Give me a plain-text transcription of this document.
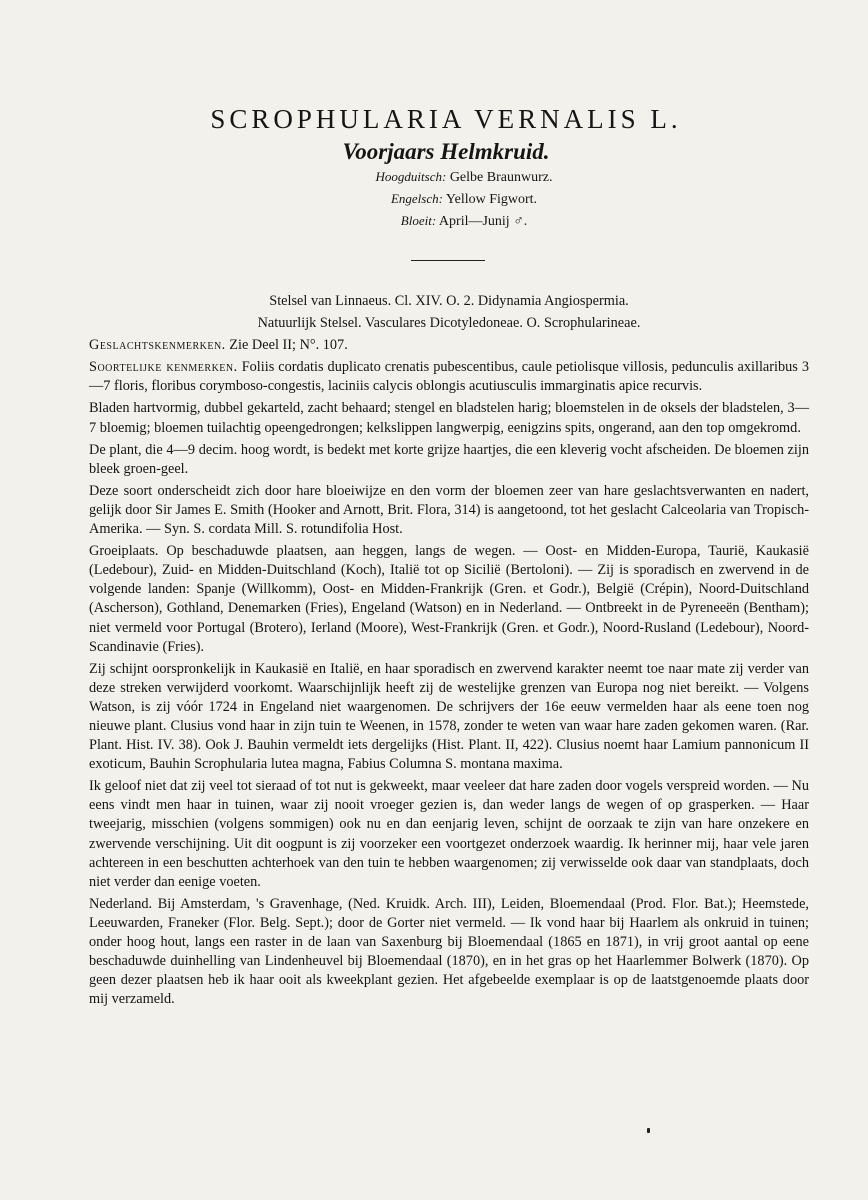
SCROPHULARIA VERNALIS L.
Voorjaars Helmkruid.
Hoogduitsch: Gelbe Braunwurz.
Engelsch: Yellow Figwort.
Bloeit: April—Junij ♂.

Stelsel van Linnaeus. Cl. XIV. O. 2. Didynamia Angiospermia.

Natuurlijk Stelsel. Vasculares Dicotyledoneae. O. Scrophularineae.

Geslachtskenmerken. Zie Deel II; N°. 107.

Soortelijke kenmerken. Foliis cordatis duplicato crenatis pubescentibus, caule petiolisque villosis, pedunculis axillaribus 3—7 floris, floribus corymboso-congestis, laciniis calycis oblongis acutiusculis immarginatis apice recurvis.

Bladen hartvormig, dubbel gekarteld, zacht behaard; stengel en bladstelen harig; bloemstelen in de oksels der bladstelen, 3—7 bloemig; bloemen tuilachtig opeengedrongen; kelkslippen langwerpig, eenigzins spits, ongerand, aan den top omgekromd.

De plant, die 4—9 decim. hoog wordt, is bedekt met korte grijze haartjes, die een kleverig vocht afscheiden. De bloemen zijn bleek groen-geel.

Deze soort onderscheidt zich door hare bloeiwijze en den vorm der bloemen zeer van hare geslachtsverwanten en nadert, gelijk door Sir James E. Smith (Hooker and Arnott, Brit. Flora, 314) is aangetoond, tot het geslacht Calceolaria van Tropisch-Amerika. — Syn. S. cordata Mill. S. rotundifolia Host.

Groeiplaats. Op beschaduwde plaatsen, aan heggen, langs de wegen. — Oost- en Midden-Europa, Taurië, Kaukasië (Ledebour), Zuid- en Midden-Duitschland (Koch), Italië tot op Sicilië (Bertoloni). — Zij is sporadisch en zwervend in de volgende landen: Spanje (Willkomm), Oost- en Midden-Frankrijk (Gren. et Godr.), België (Crépin), Noord-Duitschland (Ascherson), Gothland, Denemarken (Fries), Engeland (Watson) en in Nederland. — Ontbreekt in de Pyreneeën (Bentham); niet vermeld voor Portugal (Brotero), Ierland (Moore), West-Frankrijk (Gren. et Godr.), Noord-Rusland (Ledebour), Noord-Scandinavie (Fries).

Zij schijnt oorspronkelijk in Kaukasië en Italië, en haar sporadisch en zwervend karakter neemt toe naar mate zij verder van deze streken verwijderd voorkomt. Waarschijnlijk heeft zij de westelijke grenzen van Europa nog niet bereikt. — Volgens Watson, is zij vóór 1724 in Engeland niet waargenomen. De schrijvers der 16e eeuw vermelden haar als eene toen nog nieuwe plant. Clusius vond haar in zijn tuin te Weenen, in 1578, zonder te weten van waar hare zaden gekomen waren. (Rar. Plant. Hist. IV. 38). Ook J. Bauhin vermeldt iets dergelijks (Hist. Plant. II, 422). Clusius noemt haar Lamium pannonicum II exoticum, Bauhin Scrophularia lutea magna, Fabius Columna S. montana maxima.

Ik geloof niet dat zij veel tot sieraad of tot nut is gekweekt, maar veeleer dat hare zaden door vogels verspreid worden. — Nu eens vindt men haar in tuinen, waar zij nooit vroeger gezien is, dan weder langs de wegen of op grasperken. — Haar tweejarig, misschien (volgens sommigen) ook nu en dan eenjarig leven, schijnt de oorzaak te zijn van hare onzekere en zwervende verschijning. Uit dit oogpunt is zij voorzeker een voortgezet onderzoek waardig. Ik herinner mij, haar vele jaren achtereen in een beschutten achterhoek van den tuin te hebben waargenomen; zij verwisselde ook daar van standplaats, doch niet verder dan eenige voeten.

Nederland. Bij Amsterdam, 's Gravenhage, (Ned. Kruidk. Arch. III), Leiden, Bloemendaal (Prod. Flor. Bat.); Heemstede, Leeuwarden, Franeker (Flor. Belg. Sept.); door de Gorter niet vermeld. — Ik vond haar bij Haarlem als onkruid in tuinen; onder hoog hout, langs een raster in de laan van Saxenburg bij Bloemendaal (1865 en 1871), in vrij groot aantal op eene beschaduwde duinhelling van Lindenheuvel bij Bloemendaal (1870), en in het gras op het Haarlemmer Bolwerk (1870). Op geen dezer plaatsen heb ik haar ooit als kweekplant gezien. Het afgebeelde exemplaar is op de laatstgenoemde plaats door mij verzameld.
